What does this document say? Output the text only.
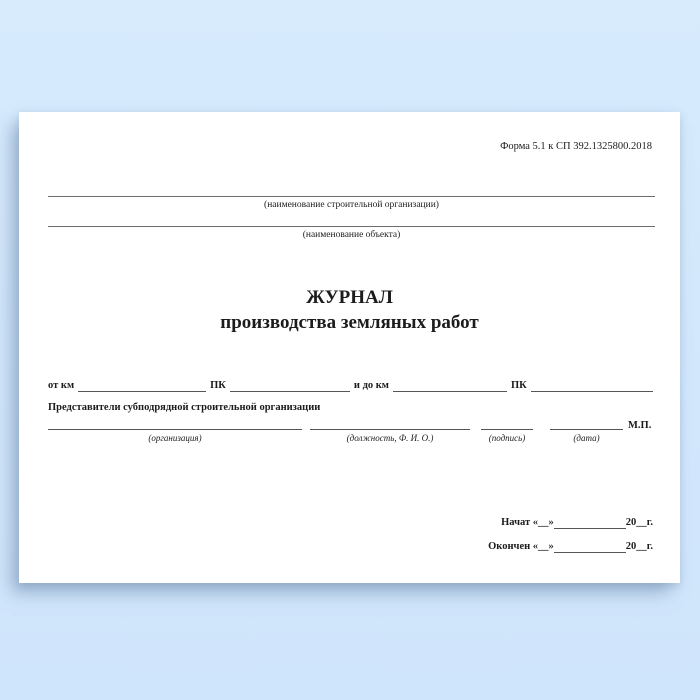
Форма 5.1 к СП 392.1325800.2018
(наименование строительной организации)
(наименование объекта)
ЖУРНАЛ
производства земляных работ
от км	ПК	и до км	ПК
Представители субподрядной строительной организации
(организация)	(должность, Ф. И. О.)	(подпись)	(дата)
М.П.
Начат «__»	20__г.
Окончен «__»	20__г.
